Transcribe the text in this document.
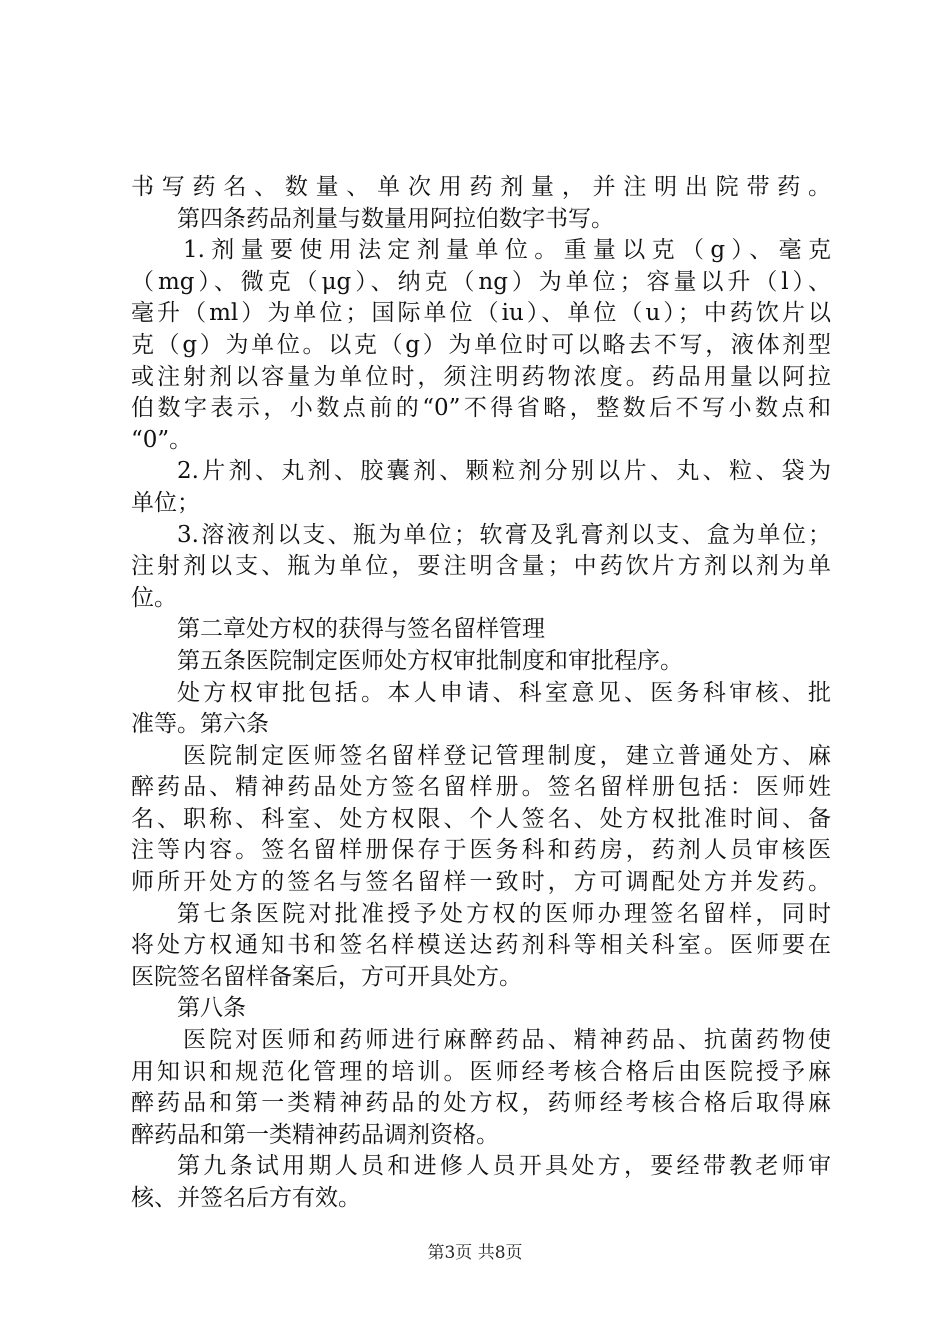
书写药名、数量、单次用药剂量，并注明出院带药。
第四条药品剂量与数量用阿拉伯数字书写。
1.剂量要使用法定剂量单位。重量以克（g）、毫克
（mg）、微克（μg）、纳克（ng）为单位；容量以升（l）、
毫升（ml）为单位；国际单位（iu）、单位（u）；中药饮片以
克（g）为单位。以克（g）为单位时可以略去不写，液体剂型
或注射剂以容量为单位时，须注明药物浓度。药品用量以阿拉
伯数字表示，小数点前的“0”不得省略，整数后不写小数点和
“0”。
2.片剂、丸剂、胶囊剂、颗粒剂分别以片、丸、粒、袋为
单位；
3.溶液剂以支、瓶为单位；软膏及乳膏剂以支、盒为单位；
注射剂以支、瓶为单位，要注明含量；中药饮片方剂以剂为单
位。
第二章处方权的获得与签名留样管理
第五条医院制定医师处方权审批制度和审批程序。
处方权审批包括。本人申请、科室意见、医务科审核、批
准等。第六条
医院制定医师签名留样登记管理制度，建立普通处方、麻
醉药品、精神药品处方签名留样册。签名留样册包括：医师姓
名、职称、科室、处方权限、个人签名、处方权批准时间、备
注等内容。签名留样册保存于医务科和药房，药剂人员审核医
师所开处方的签名与签名留样一致时，方可调配处方并发药。
第七条医院对批准授予处方权的医师办理签名留样，同时
将处方权通知书和签名样模送达药剂科等相关科室。医师要在
医院签名留样备案后，方可开具处方。
第八条
医院对医师和药师进行麻醉药品、精神药品、抗菌药物使
用知识和规范化管理的培训。医师经考核合格后由医院授予麻
醉药品和第一类精神药品的处方权，药师经考核合格后取得麻
醉药品和第一类精神药品调剂资格。
第九条试用期人员和进修人员开具处方，要经带教老师审
核、并签名后方有效。
第3页 共8页
